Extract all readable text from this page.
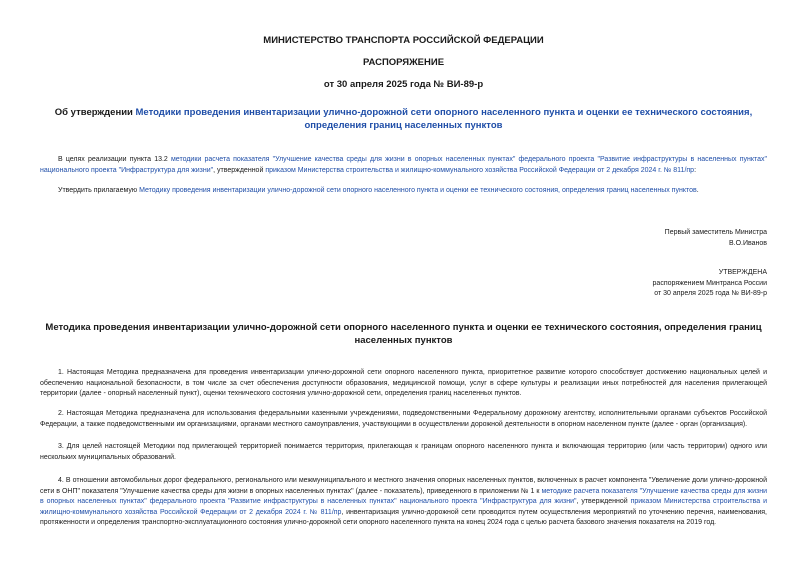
МИНИСТЕРСТВО ТРАНСПОРТА РОССИЙСКОЙ ФЕДЕРАЦИИ
РАСПОРЯЖЕНИЕ
от 30 апреля 2025 года № ВИ-89-р
Об утверждении Методики проведения инвентаризации улично-дорожной сети опорного населенного пункта и оценки ее технического состояния, определения границ населенных пунктов
В целях реализации пункта 13.2 методики расчета показателя "Улучшение качества среды для жизни в опорных населенных пунктах" федерального проекта "Развитие инфраструктуры в населенных пунктах" национального проекта "Инфраструктура для жизни", утвержденной приказом Министерства строительства и жилищно-коммунального хозяйства Российской Федерации от 2 декабря 2024 г. № 811/пр:
Утвердить прилагаемую Методику проведения инвентаризации улично-дорожной сети опорного населенного пункта и оценки ее технического состояния, определения границ населенных пунктов.
Первый заместитель Министра
В.О.Иванов
УТВЕРЖДЕНА
распоряжением Минтранса России
от 30 апреля 2025 года № ВИ-89-р
Методика проведения инвентаризации улично-дорожной сети опорного населенного пункта и оценки ее технического состояния, определения границ населенных пунктов
1. Настоящая Методика предназначена для проведения инвентаризации улично-дорожной сети опорного населенного пункта, приоритетное развитие которого способствует достижению национальных целей и обеспечению национальной безопасности, в том числе за счет обеспечения доступности образования, медицинской помощи, услуг в сфере культуры и реализации иных потребностей для населения прилегающей территории (далее - опорный населенный пункт), оценки технического состояния улично-дорожной сети, определения границ населенных пунктов.
2. Настоящая Методика предназначена для использования федеральными казенными учреждениями, подведомственными Федеральному дорожному агентству, исполнительными органами субъектов Российской Федерации, а также подведомственными им организациями, органами местного самоуправления, участвующими в осуществлении дорожной деятельности в опорном населенном пункте (далее - орган (организация).
3. Для целей настоящей Методики под прилегающей территорией понимается территория, прилегающая к границам опорного населенного пункта и включающая территорию (или часть территории) одного или нескольких муниципальных образований.
4. В отношении автомобильных дорог федерального, регионального или межмуниципального и местного значения опорных населенных пунктов, включенных в расчет компонента "Увеличение доли улично-дорожной сети в ОНП" показателя "Улучшение качества среды для жизни в опорных населенных пунктах" (далее - показатель), приведенного в приложении № 1 к методике расчета показателя "Улучшение качества среды для жизни в опорных населенных пунктах" федерального проекта "Развитие инфраструктуры в населенных пунктах" национального проекта "Инфраструктура для жизни", утвержденной приказом Министерства строительства и жилищно-коммунального хозяйства Российской Федерации от 2 декабря 2024 г. № 811/пр, инвентаризация улично-дорожной сети проводится путем осуществления мероприятий по уточнению перечня, наименования, протяженности и определения транспортно-эксплуатационного состояния улично-дорожной сети опорного населенного пункта на конец 2024 года с целью расчета базового значения показателя на 2019 год.
